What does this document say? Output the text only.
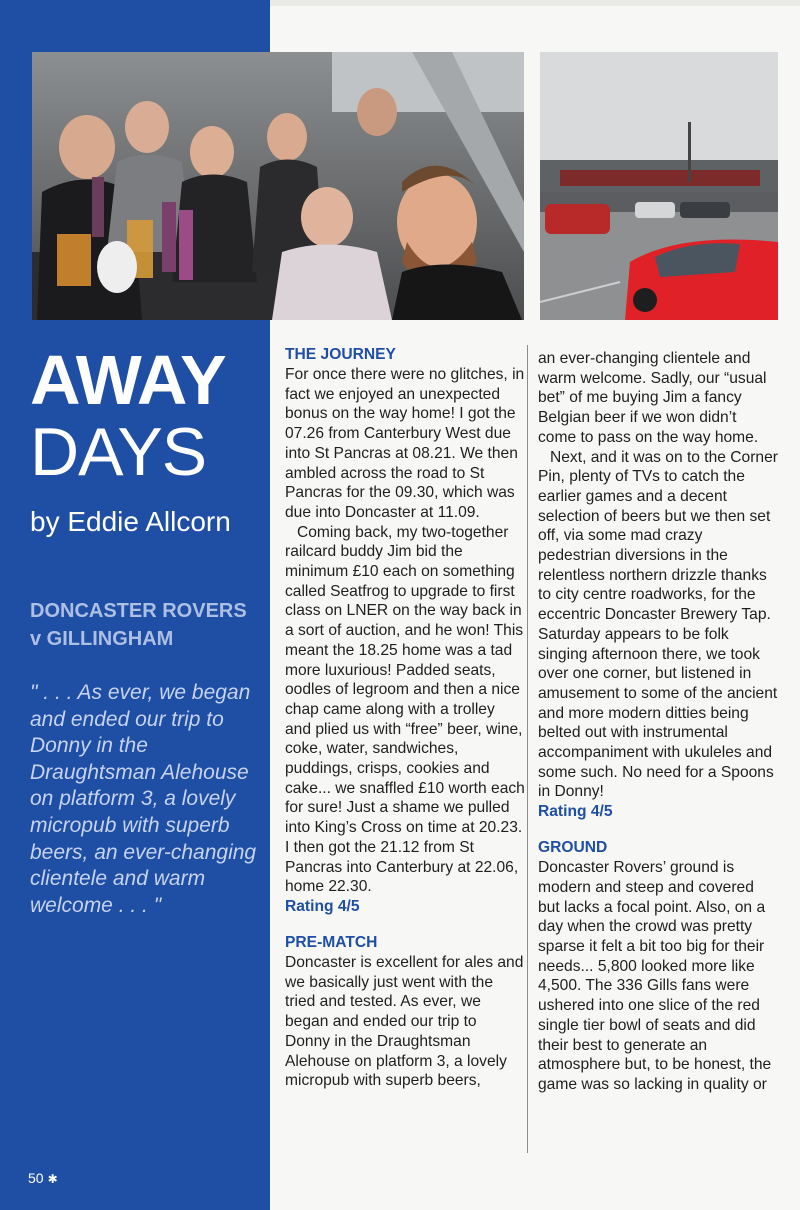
AWAY
DAYS

by Eddie Allcorn

DONCASTER ROVERS
v GILLINGHAM

" . . . As ever, we began and ended our trip to Donny in the Draughtsman Alehouse on platform 3, a lovely micropub with superb beers, an ever-changing clientele and warm welcome . . . "

50 ✱
THE JOURNEY

For once there were no glitches, in fact we enjoyed an unexpected bonus on the way home! I got the 07.26 from Canterbury West due into St Pancras at 08.21. We then ambled across the road to St Pancras for the 09.30, which was due into Doncaster at 11.09.

Coming back, my two-together railcard buddy Jim bid the minimum £10 each on something called Seatfrog to upgrade to first class on LNER on the way back in a sort of auction, and he won! This meant the 18.25 home was a tad more luxurious! Padded seats, oodles of legroom and then a nice chap came along with a trolley and plied us with “free” beer, wine, coke, water, sandwiches, puddings, crisps, cookies and cake... we snaffled £10 worth each for sure! Just a shame we pulled into King’s Cross on time at 20.23. I then got the 21.12 from St Pancras into Canterbury at 22.06, home 22.30.

Rating 4/5

PRE-MATCH

Doncaster is excellent for ales and we basically just went with the tried and tested. As ever, we began and ended our trip to Donny in the Draughtsman Alehouse on platform 3, a lovely micropub with superb beers,

an ever-changing clientele and warm welcome. Sadly, our “usual bet” of me buying Jim a fancy Belgian beer if we won didn’t come to pass on the way home.

Next, and it was on to the Corner Pin, plenty of TVs to catch the earlier games and a decent selection of beers but we then set off, via some mad crazy pedestrian diversions in the relentless northern drizzle thanks to city centre roadworks, for the eccentric Doncaster Brewery Tap. Saturday appears to be folk singing afternoon there, we took over one corner, but listened in amusement to some of the ancient and more modern ditties being belted out with instrumental accompaniment with ukuleles and some such. No need for a Spoons in Donny!

Rating 4/5

GROUND

Doncaster Rovers’ ground is modern and steep and covered but lacks a focal point. Also, on a day when the crowd was pretty sparse it felt a bit too big for their needs... 5,800 looked more like 4,500. The 336 Gills fans were ushered into one slice of the red single tier bowl of seats and did their best to generate an atmosphere but, to be honest, the game was so lacking in quality or
